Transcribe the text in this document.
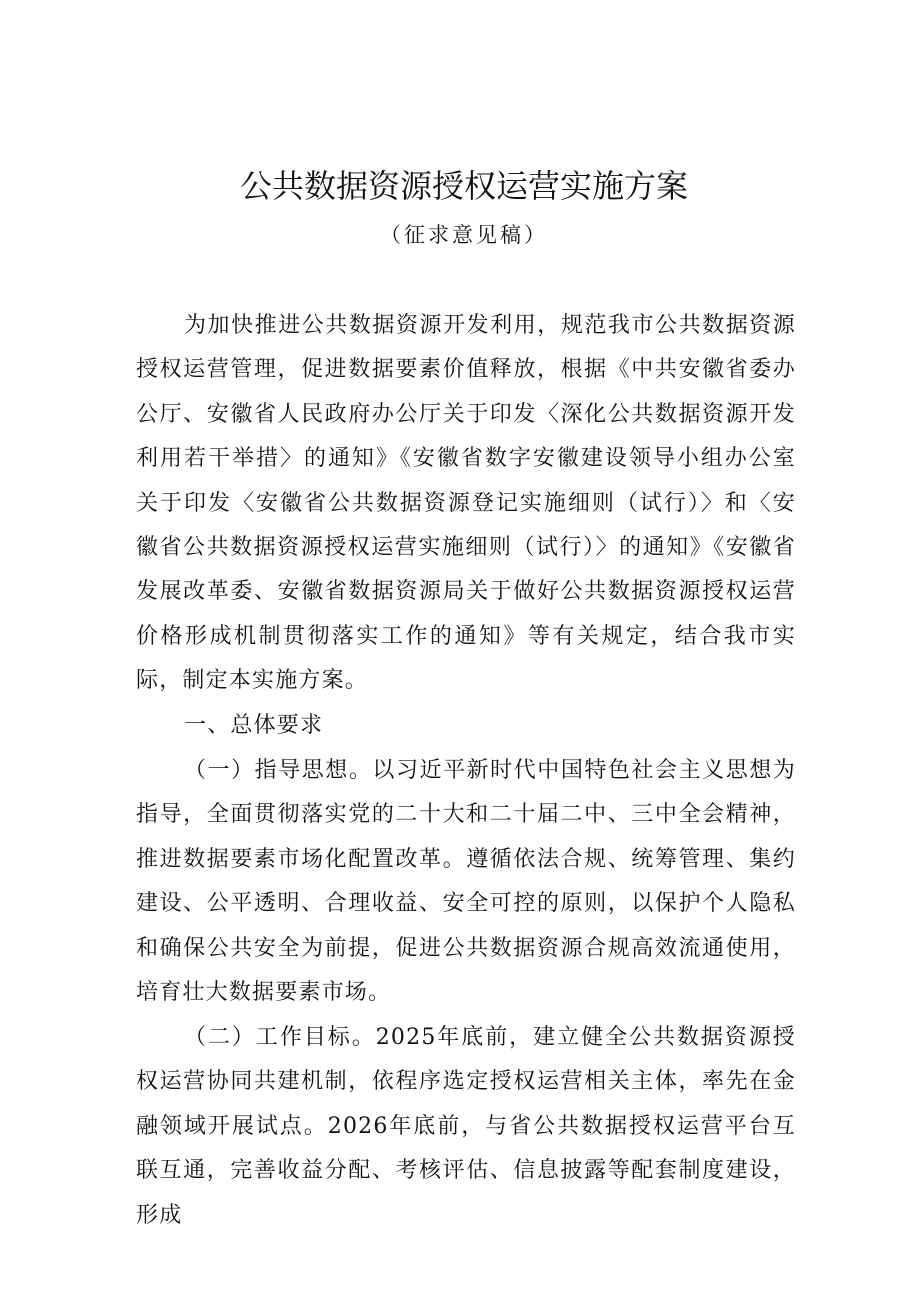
公共数据资源授权运营实施方案
（征求意见稿）

为加快推进公共数据资源开发利用，规范我市公共数据资源授权运营管理，促进数据要素价值释放，根据《中共安徽省委办公厅、安徽省人民政府办公厅关于印发〈深化公共数据资源开发利用若干举措〉的通知》《安徽省数字安徽建设领导小组办公室关于印发〈安徽省公共数据资源登记实施细则（试行）〉和〈安徽省公共数据资源授权运营实施细则（试行）〉的通知》《安徽省发展改革委、安徽省数据资源局关于做好公共数据资源授权运营价格形成机制贯彻落实工作的通知》等有关规定，结合我市实际，制定本实施方案。

一、总体要求

（一）指导思想。以习近平新时代中国特色社会主义思想为指导，全面贯彻落实党的二十大和二十届二中、三中全会精神，推进数据要素市场化配置改革。遵循依法合规、统筹管理、集约建设、公平透明、合理收益、安全可控的原则，以保护个人隐私和确保公共安全为前提，促进公共数据资源合规高效流通使用，培育壮大数据要素市场。

（二）工作目标。2025年底前，建立健全公共数据资源授权运营协同共建机制，依程序选定授权运营相关主体，率先在金融领域开展试点。2026年底前，与省公共数据授权运营平台互联互通，完善收益分配、考核评估、信息披露等配套制度建设，形成
